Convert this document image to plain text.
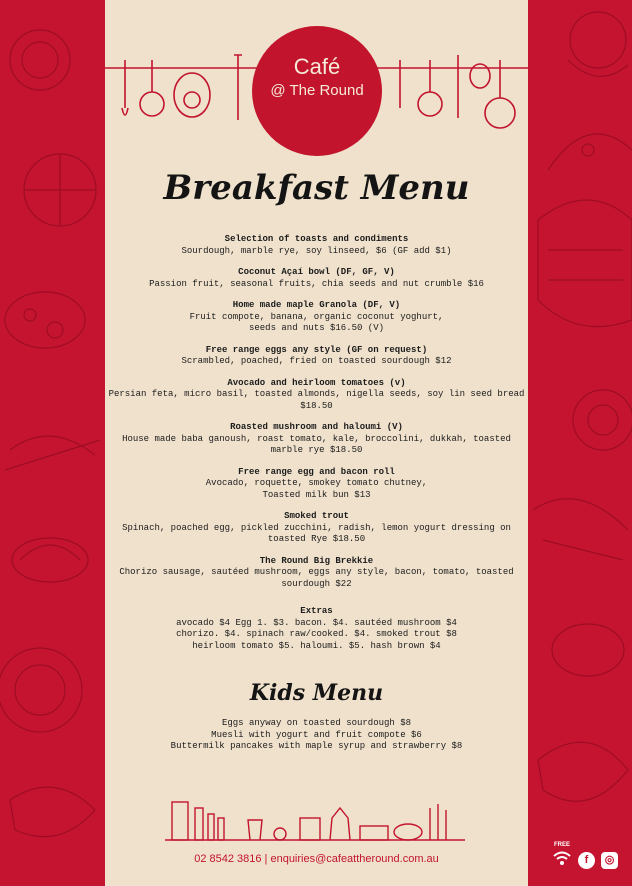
Café
@ The Round
Breakfast Menu
Selection of toasts and condiments
Sourdough, marble rye, soy linseed, $6 (GF add $1)
Coconut Açaí bowl (DF, GF, V)
Passion fruit, seasonal fruits, chia seeds and nut crumble $16
Home made maple Granola (DF, V)
Fruit compote, banana, organic coconut yoghurt,
seeds and nuts $16.50 (V)
Free range eggs any style (GF on request)
Scrambled, poached, fried on toasted sourdough $12
Avocado and heirloom tomatoes (v)
Persian feta, micro basil, toasted almonds, nigella seeds, soy lin seed bread
$18.50
Roasted mushroom and haloumi (V)
House made baba ganoush, roast tomato, kale, broccolini, dukkah, toasted
marble rye $18.50
Free range egg and bacon roll
Avocado, roquette, smokey tomato chutney,
Toasted milk bun $13
Smoked trout
Spinach, poached egg, pickled zucchini, radish, lemon yogurt dressing on
toasted Rye $18.50
The Round Big Brekkie
Chorizo sausage, sautéed mushroom, eggs any style, bacon, tomato, toasted
sourdough $22
Extras
avocado $4 Egg 1. $3. bacon. $4. sautéed mushroom $4
chorizo. $4. spinach raw/cooked. $4. smoked trout $8
heirloom tomato $5. haloumi. $5. hash brown $4
Kids Menu
Eggs anyway on toasted sourdough $8
Muesli with yogurt and fruit compote $6
Buttermilk pancakes with maple syrup and strawberry $8
02 8542 3816 | enquiries@cafeattheround.com.au
FREE
f	◎
